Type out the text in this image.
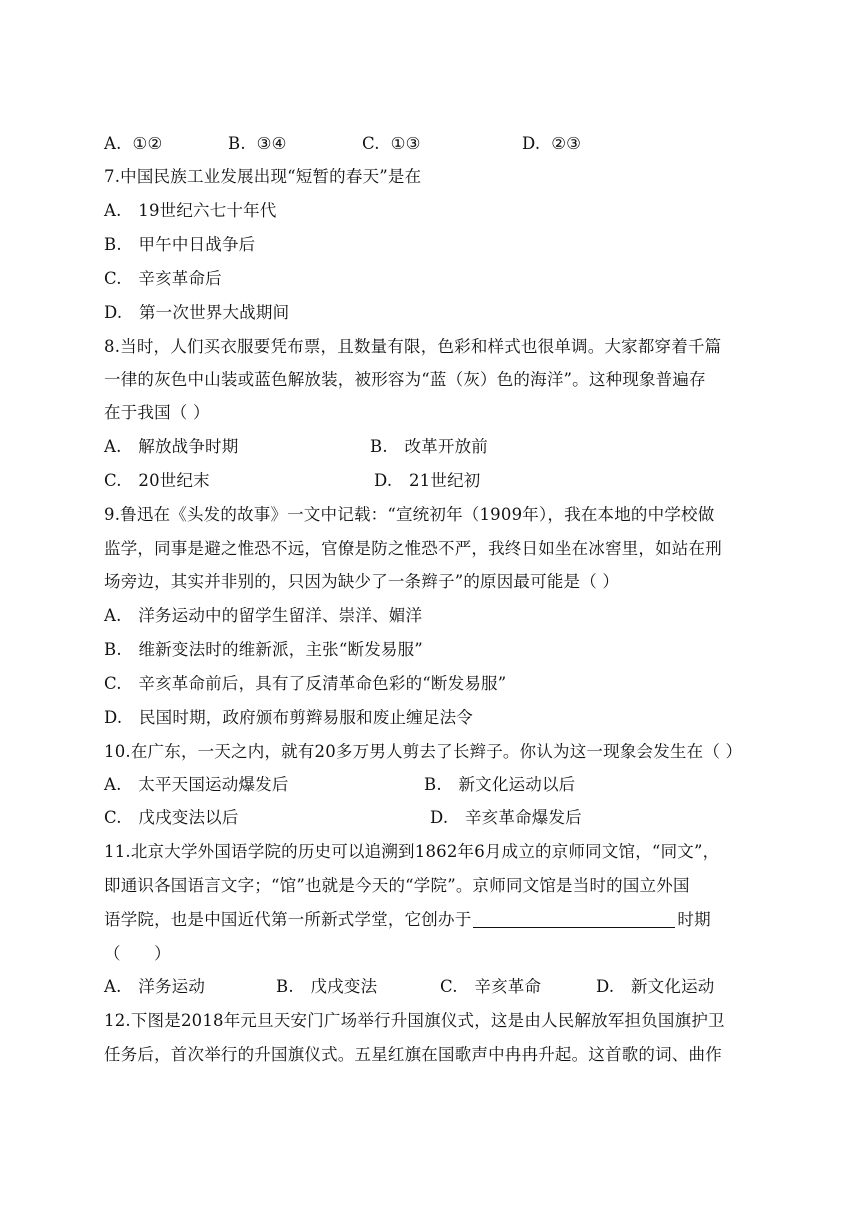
A. ①②	B. ③④	C. ①③	D. ②③
7.中国民族工业发展出现“短暂的春天”是在
A.　19世纪六七十年代
B.　甲午中日战争后
C.　辛亥革命后
D.　第一次世界大战期间
8.当时，人们买衣服要凭布票，且数量有限，色彩和样式也很单调。大家都穿着千篇
一律的灰色中山装或蓝色解放装，被形容为“蓝（灰）色的海洋”。这种现象普遍存
在于我国（ ）
A.　解放战争时期	B.　改革开放前
C.　20世纪末	D.　21世纪初
9.鲁迅在《头发的故事》一文中记载：“宣统初年（1909年），我在本地的中学校做
监学，同事是避之惟恐不远，官僚是防之惟恐不严，我终日如坐在冰窖里，如站在刑
场旁边，其实并非别的，只因为缺少了一条辫子”的原因最可能是（ ）
A.　洋务运动中的留学生留洋、崇洋、媚洋
B.　维新变法时的维新派，主张“断发易服”
C.　辛亥革命前后，具有了反清革命色彩的“断发易服”
D.　民国时期，政府颁布剪辫易服和废止缠足法令
10.在广东，一天之内，就有20多万男人剪去了长辫子。你认为这一现象会发生在（ ）
A.　太平天国运动爆发后	B.　新文化运动以后
C.　戊戌变法以后	D.　辛亥革命爆发后
11.北京大学外国语学院的历史可以追溯到1862年6月成立的京师同文馆，“同文”，
即通识各国语言文字；“馆”也就是今天的“学院”。京师同文馆是当时的国立外国
语学院，也是中国近代第一所新式学堂，它创办于	时期
（　　）
A.　洋务运动	B.　戊戌变法	C.　辛亥革命	D.　新文化运动
12.下图是2018年元旦天安门广场举行升国旗仪式，这是由人民解放军担负国旗护卫
任务后，首次举行的升国旗仪式。五星红旗在国歌声中冉冉升起。这首歌的词、曲作
